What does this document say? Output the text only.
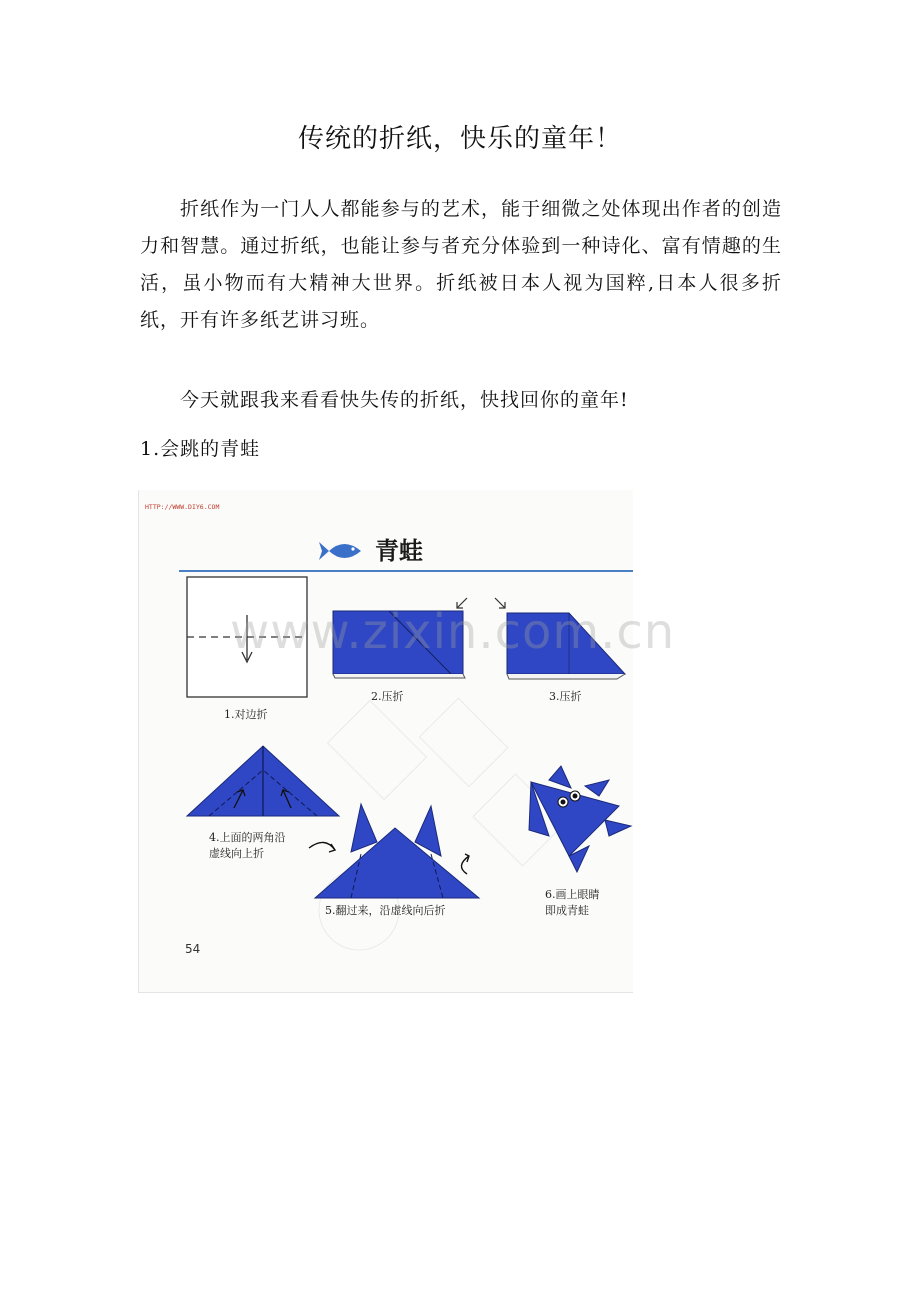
传统的折纸，快乐的童年！
折纸作为一门人人都能参与的艺术，能于细微之处体现出作者的创造力和智慧。通过折纸，也能让参与者充分体验到一种诗化、富有情趣的生活，虽小物而有大精神大世界。折纸被日本人视为国粹,日本人很多折纸，开有许多纸艺讲习班。
今天就跟我来看看快失传的折纸，快找回你的童年!
1.会跳的青蛙
HTTP://WWW.DIY6.COM
青蛙
1.对边折
2.压折	3.压折
4.上面的两角沿
虚线向上折
5.翻过来，沿虚线向后折
6.画上眼睛
即成青蛙
54
www.zixin.com.cn
